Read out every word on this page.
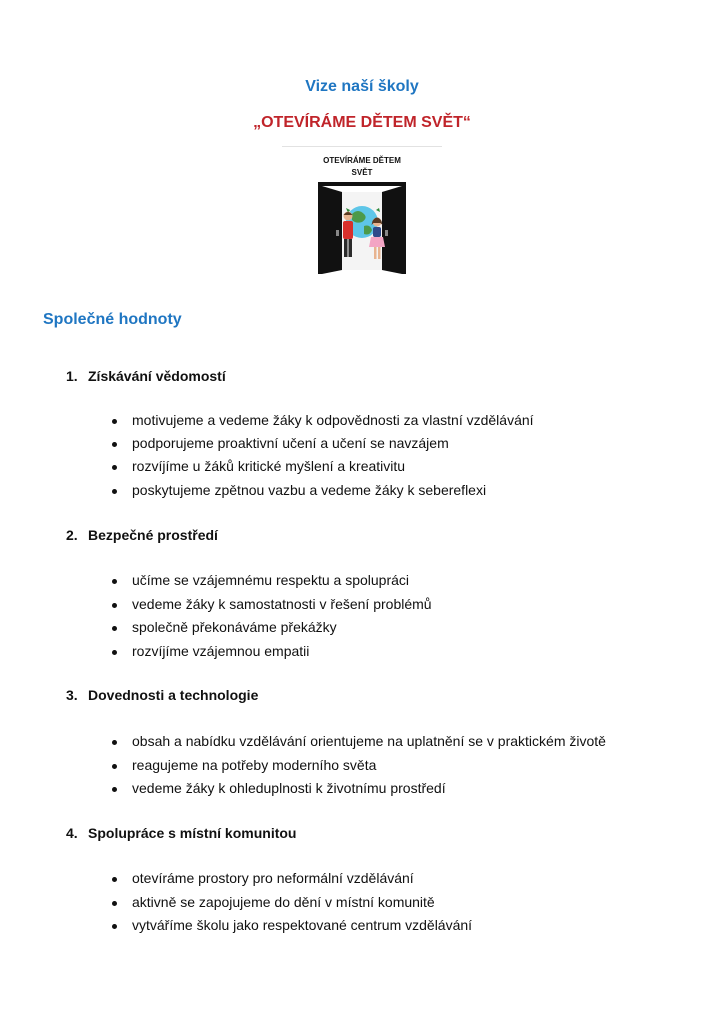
Vize naší školy
„OTEVÍRÁME DĚTEM SVĚT“
OTEVÍRÁME DĚTEM
SVĚT
Společné hodnoty
1. Získávání vědomostí
motivujeme a vedeme žáky k odpovědnosti za vlastní vzdělávání
podporujeme proaktivní učení a učení se navzájem
rozvíjíme u žáků kritické myšlení a kreativitu
poskytujeme zpětnou vazbu a vedeme žáky k sebereflexi
2. Bezpečné prostředí
učíme se vzájemnému respektu a spolupráci
vedeme žáky k samostatnosti v řešení problémů
společně překonáváme překážky
rozvíjíme vzájemnou empatii
3. Dovednosti a technologie
obsah a nabídku vzdělávání orientujeme na uplatnění se v praktickém životě
reagujeme na potřeby moderního světa
vedeme žáky k ohleduplnosti k životnímu prostředí
4. Spolupráce s místní komunitou
otevíráme prostory pro neformální vzdělávání
aktivně se zapojujeme do dění v místní komunitě
vytváříme školu jako respektované centrum vzdělávání
